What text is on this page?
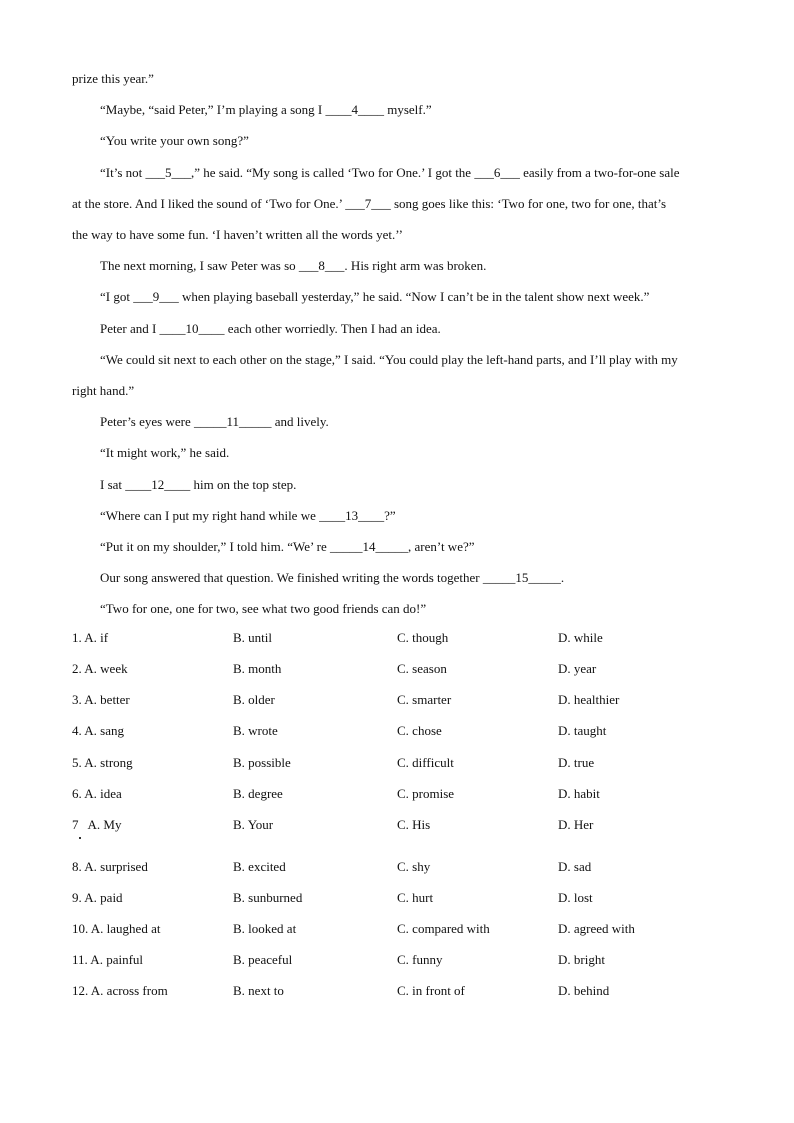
prize this year.”
“Maybe, “said Peter,” I’m playing a song I ____4____ myself.”
“You write your own song?”
“It’s not ___5___,” he said. “My song is called ‘Two for One.’ I got the ___6___ easily from a two-for-one sale
at the store. And I liked the sound of ‘Two for One.’ ___7___ song goes like this: ‘Two for one, two for one, that’s
the way to have some fun. ‘I haven’t written all the words yet.’’
The next morning, I saw Peter was so ___8___. His right arm was broken.
“I got ___9___ when playing baseball yesterday,” he said. “Now I can’t be in the talent show next week.”
Peter and I ____10____ each other worriedly. Then I had an idea.
“We could sit next to each other on the stage,” I said. “You could play the left-hand parts, and I’ll play with my
right hand.”
Peter’s eyes were _____11_____ and lively.
“It might work,” he said.
I sat ____12____ him on the top step.
“Where can I put my right hand while we ____13____?”
“Put it on my shoulder,” I told him. “We’ re _____14_____, aren’t we?”
Our song answered that question. We finished writing the words together _____15_____.
“Two for one, one for two, see what two good friends can do!”
1. A. if	B. until	C. though	D. while
2. A. week	B. month	C. season	D. year
3. A. better	B. older	C. smarter	D. healthier
4. A. sang	B. wrote	C. chose	D. taught
5. A. strong	B. possible	C. difficult	D. true
6. A. idea	B. degree	C. promise	D. habit
7   A. My	B. Your	C. His	D. Her
8. A. surprised	B. excited	C. shy	D. sad
9. A. paid	B. sunburned	C. hurt	D. lost
10. A. laughed at	B. looked at	C. compared with	D. agreed with
11. A. painful	B. peaceful	C. funny	D. bright
12. A. across from	B. next to	C. in front of	D. behind
